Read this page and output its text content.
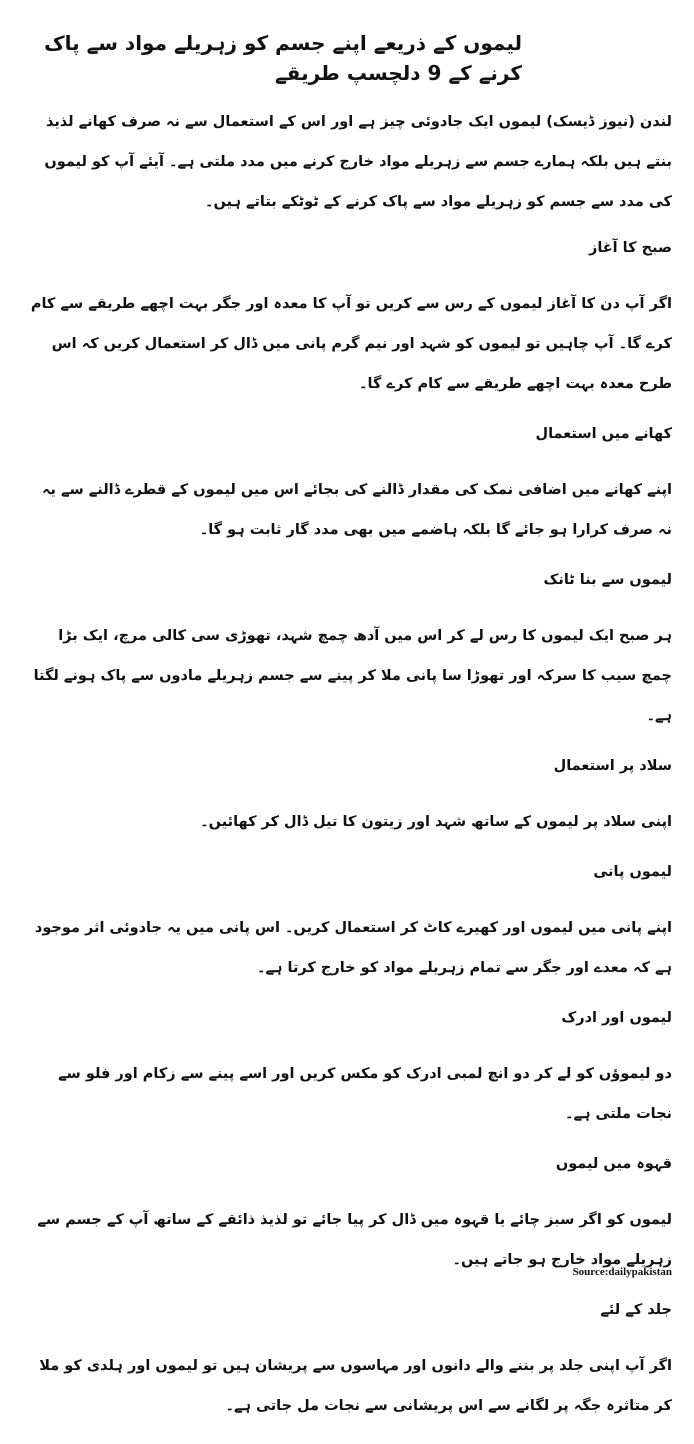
لیموں کے ذریعے اپنے جسم کو زہریلے مواد سے پاک کرنے کے 9 دلچسپ طریقے

لندن (نیوز ڈیسک) لیموں ایک جادوئی چیز ہے اور اس کے استعمال سے نہ صرف کھانے لذیذ بنتے ہیں بلکہ ہمارے جسم سے زہریلے مواد خارج کرنے میں مدد ملتی ہے۔ آیئے آپ کو لیموں کی مدد سے جسم کو زہریلے مواد سے پاک کرنے کے ٹوٹکے بتاتے ہیں۔

صبح کا آغاز

اگر آپ دن کا آغاز لیموں کے رس سے کریں تو آپ کا معدہ اور جگر بہت اچھے طریقے سے کام کرے گا۔ آپ چاہیں تو لیموں کو شہد اور نیم گرم پانی میں ڈال کر استعمال کریں کہ اس طرح معدہ بہت اچھے طریقے سے کام کرے گا۔

کھانے میں استعمال

اپنے کھانے میں اضافی نمک کی مقدار ڈالنے کی بجائے اس میں لیموں کے قطرے ڈالنے سے یہ نہ صرف کرارا ہو جائے گا بلکہ ہاضمے میں بھی مدد گار ثابت ہو گا۔

لیموں سے بنا ٹانک

ہر صبح ایک لیموں کا رس لے کر اس میں آدھ چمچ شہد، تھوڑی سی کالی مرچ، ایک بڑا چمچ سیب کا سرکہ اور تھوڑا سا پانی ملا کر پینے سے جسم زہریلے مادوں سے پاک ہونے لگتا ہے۔

سلاد پر استعمال

اپنی سلاد پر لیموں کے ساتھ شہد اور زیتون کا تیل ڈال کر کھائیں۔

لیموں پانی

اپنے پانی میں لیموں اور کھیرے کاٹ کر استعمال کریں۔ اس پانی میں یہ جادوئی اثر موجود ہے کہ معدے اور جگر سے تمام زہریلے مواد کو خارج کرتا ہے۔

لیموں اور ادرک

دو لیموؤں کو لے کر دو انچ لمبی ادرک کو مکس کریں اور اسے پینے سے زکام اور فلو سے نجات ملتی ہے۔

قہوہ میں لیموں

لیموں کو اگر سبز چائے یا قہوہ میں ڈال کر پیا جائے تو لذیذ ذائقے کے ساتھ آپ کے جسم سے زہریلے مواد خارج ہو جاتے ہیں۔

جلد کے لئے

اگر آپ اپنی جلد پر بننے والے دانوں اور مہاسوں سے پریشان ہیں تو لیموں اور ہلدی کو ملا کر متاثرہ جگہ پر لگانے سے اس پریشانی سے نجات مل جاتی ہے۔

Source:dailypakistan
